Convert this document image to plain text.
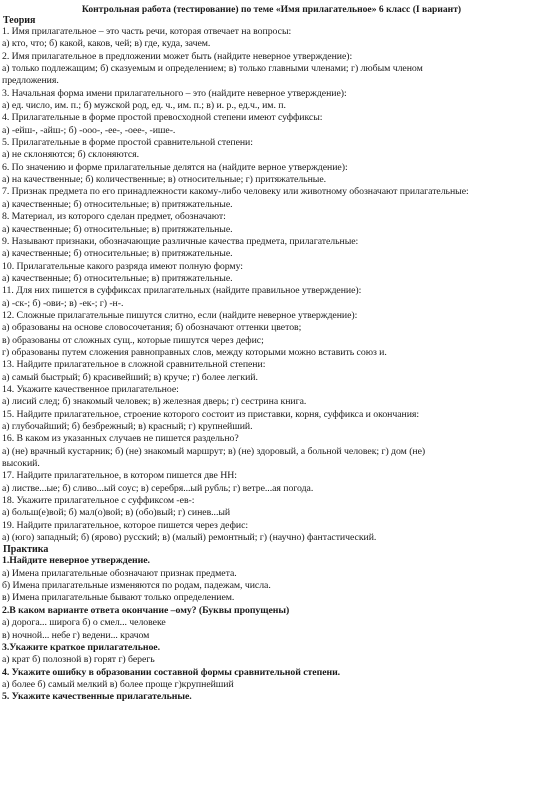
Контрольная работа (тестирование) по теме «Имя прилагательное» 6 класс (I вариант)
Теория
1. Имя прилагательное – это часть речи, которая отвечает на вопросы:
а) кто, что; б) какой, каков, чей; в) где, куда, зачем.
2. Имя прилагательное в предложении может быть (найдите неверное утверждение):
а) только подлежащим; б) сказуемым и определением; в) только главными членами; г) любым членом
предложения.
3. Начальная форма имени прилагательного – это (найдите неверное утверждение):
а) ед. число, им. п.; б) мужской род, ед. ч., им. п.; в) и. р., ед.ч., им. п.
4. Прилагательные в форме простой превосходной степени имеют суффиксы:
а) -ейш-, -айш-; б) -ооо-, -ее-, -оее-, -ише-.
5. Прилагательные в форме простой сравнительной степени:
а) не склоняются; б) склоняются.
6. По значению и форме прилагательные делятся на (найдите верное утверждение):
а) на качественные; б) количественные; в) относительные; г) притяжательные.
7. Признак предмета по его принадлежности какому-либо человеку или животному обозначают прилагательные:
а) качественные; б) относительные; в) притяжательные.
8. Материал, из которого сделан предмет, обозначают:
а) качественные; б) относительные; в) притяжательные.
9. Называют признаки, обозначающие различные качества предмета, прилагательные:
а) качественные; б) относительные; в) притяжательные.
10. Прилагательные какого разряда имеют полную форму:
а) качественные; б) относительные; в) притяжательные.
11. Для них пишется в суффиксах прилагательных (найдите правильное утверждение):
а) -ск-; б) -ови-; в) -ек-; г) -н-.
12. Сложные прилагательные пишутся слитно, если (найдите неверное утверждение):
а) образованы на основе словосочетания; б) обозначают оттенки цветов;
в) образованы от сложных сущ., которые пишутся через дефис;
г) образованы путем сложения равноправных слов, между которыми можно вставить союз и.
13. Найдите прилагательное в сложной сравнительной степени:
а) самый быстрый; б) красивейший; в) круче; г) более легкий.
14. Укажите качественное прилагательное:
а) лисий след; б) знакомый человек; в) железная дверь; г) сестрина книга.
15. Найдите прилагательное, строение которого состоит из приставки, корня, суффикса и окончания:
а) глубочайший; б) безбрежный; в) красный; г) крупнейший.
16. В каком из указанных случаев не пишется раздельно?
а) (не) врачный кустарник; б) (не) знакомый маршрут; в) (не) здоровый, а больной человек; г) дом (не)
высокий.
17. Найдите прилагательное, в котором пишется две НН:
а) листве...ые; б) сливо...ый соус; в) серебря...ый рубль; г) ветре...ая погода.
18. Укажите прилагательное с суффиксом -ев-:
а) больш(е)вой; б) мал(о)вой; в) (обо)вый; г) синев...ый
19. Найдите прилагательное, которое пишется через дефис:
а) (юго) западный; б) (ярово) русский; в) (малый) ремонтный; г) (научно) фантастический.
Практика
1.Найдите неверное утверждение.
а) Имена прилагательные обозначают признак предмета.
б) Имена прилагательные изменяются по родам, падежам, числа.
в) Имена прилагательные бывают только определением.
2.В каком варианте ответа окончание –ому? (Буквы пропущены)
а) дорога... широга б) о смел... человеке
в) ночной... небе г) ведени... крачом
3.Укажите краткое прилагательное.
а) крат б) полозной в) горят г) берегь
4. Укажите ошибку в образовании составной формы сравнительной степени.
а) более б) самый мелкий в) более проще г)крупнейший
5. Укажите качественные прилагательные.
